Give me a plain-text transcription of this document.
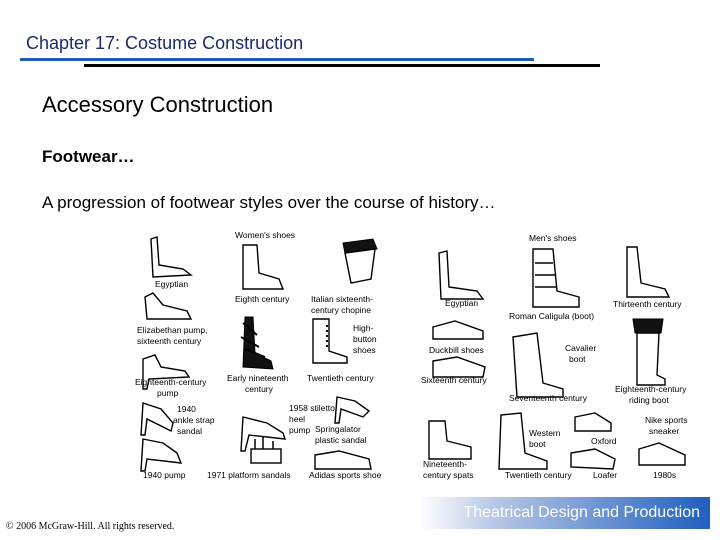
Chapter 17: Costume Construction
Accessory Construction
Footwear…
A progression of footwear styles over the course of history…
Women's shoes	Men's shoes
Egyptian
Elizabethan pump,
sixteenth century
Eighteenth-century
pump
1940
ankle strap
sandal
1940 pump
Eighth century
Early nineteenth
century
1971 platform sandals
Italian sixteenth-
century chopine
High-
button
shoes
Twentieth century
1958 stiletto
heel
pump Springalator
plastic sandal
Adidas sports shoe
Egyptian
Duckbill shoes
Sixteenth century
Nineteenth-
century spats
Roman Caligula (boot)
Cavalier
boot
Seventeenth century
Western
boot
Twentieth century
Oxford
Loafer
Thirteenth century
Eighteenth-century
riding boot
Nike sports
sneaker
1980s
Theatrical Design and Production
© 2006 McGraw-Hill. All rights reserved.
